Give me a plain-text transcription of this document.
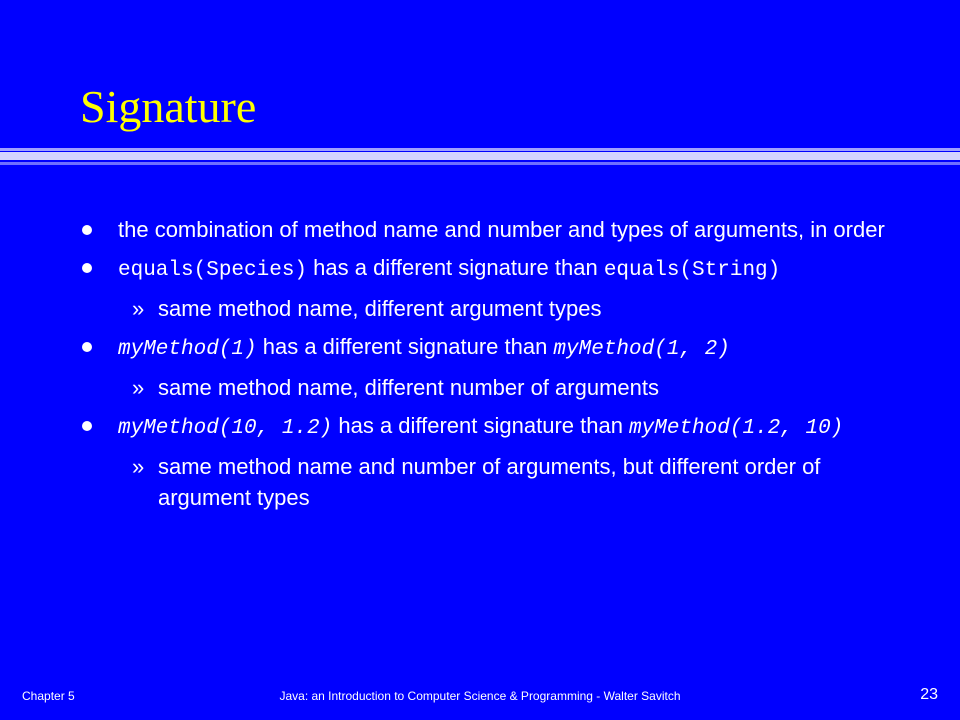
Signature
the combination of method name and number and types of arguments, in order
equals(Species) has a different signature than equals(String)
» same method name, different argument types
myMethod(1) has a different signature than myMethod(1, 2)
» same method name, different number of arguments
myMethod(10, 1.2) has a different signature than myMethod(1.2, 10)
» same method name and number of arguments, but different order of argument types
Chapter 5	Java: an Introduction to Computer Science & Programming - Walter Savitch	23
